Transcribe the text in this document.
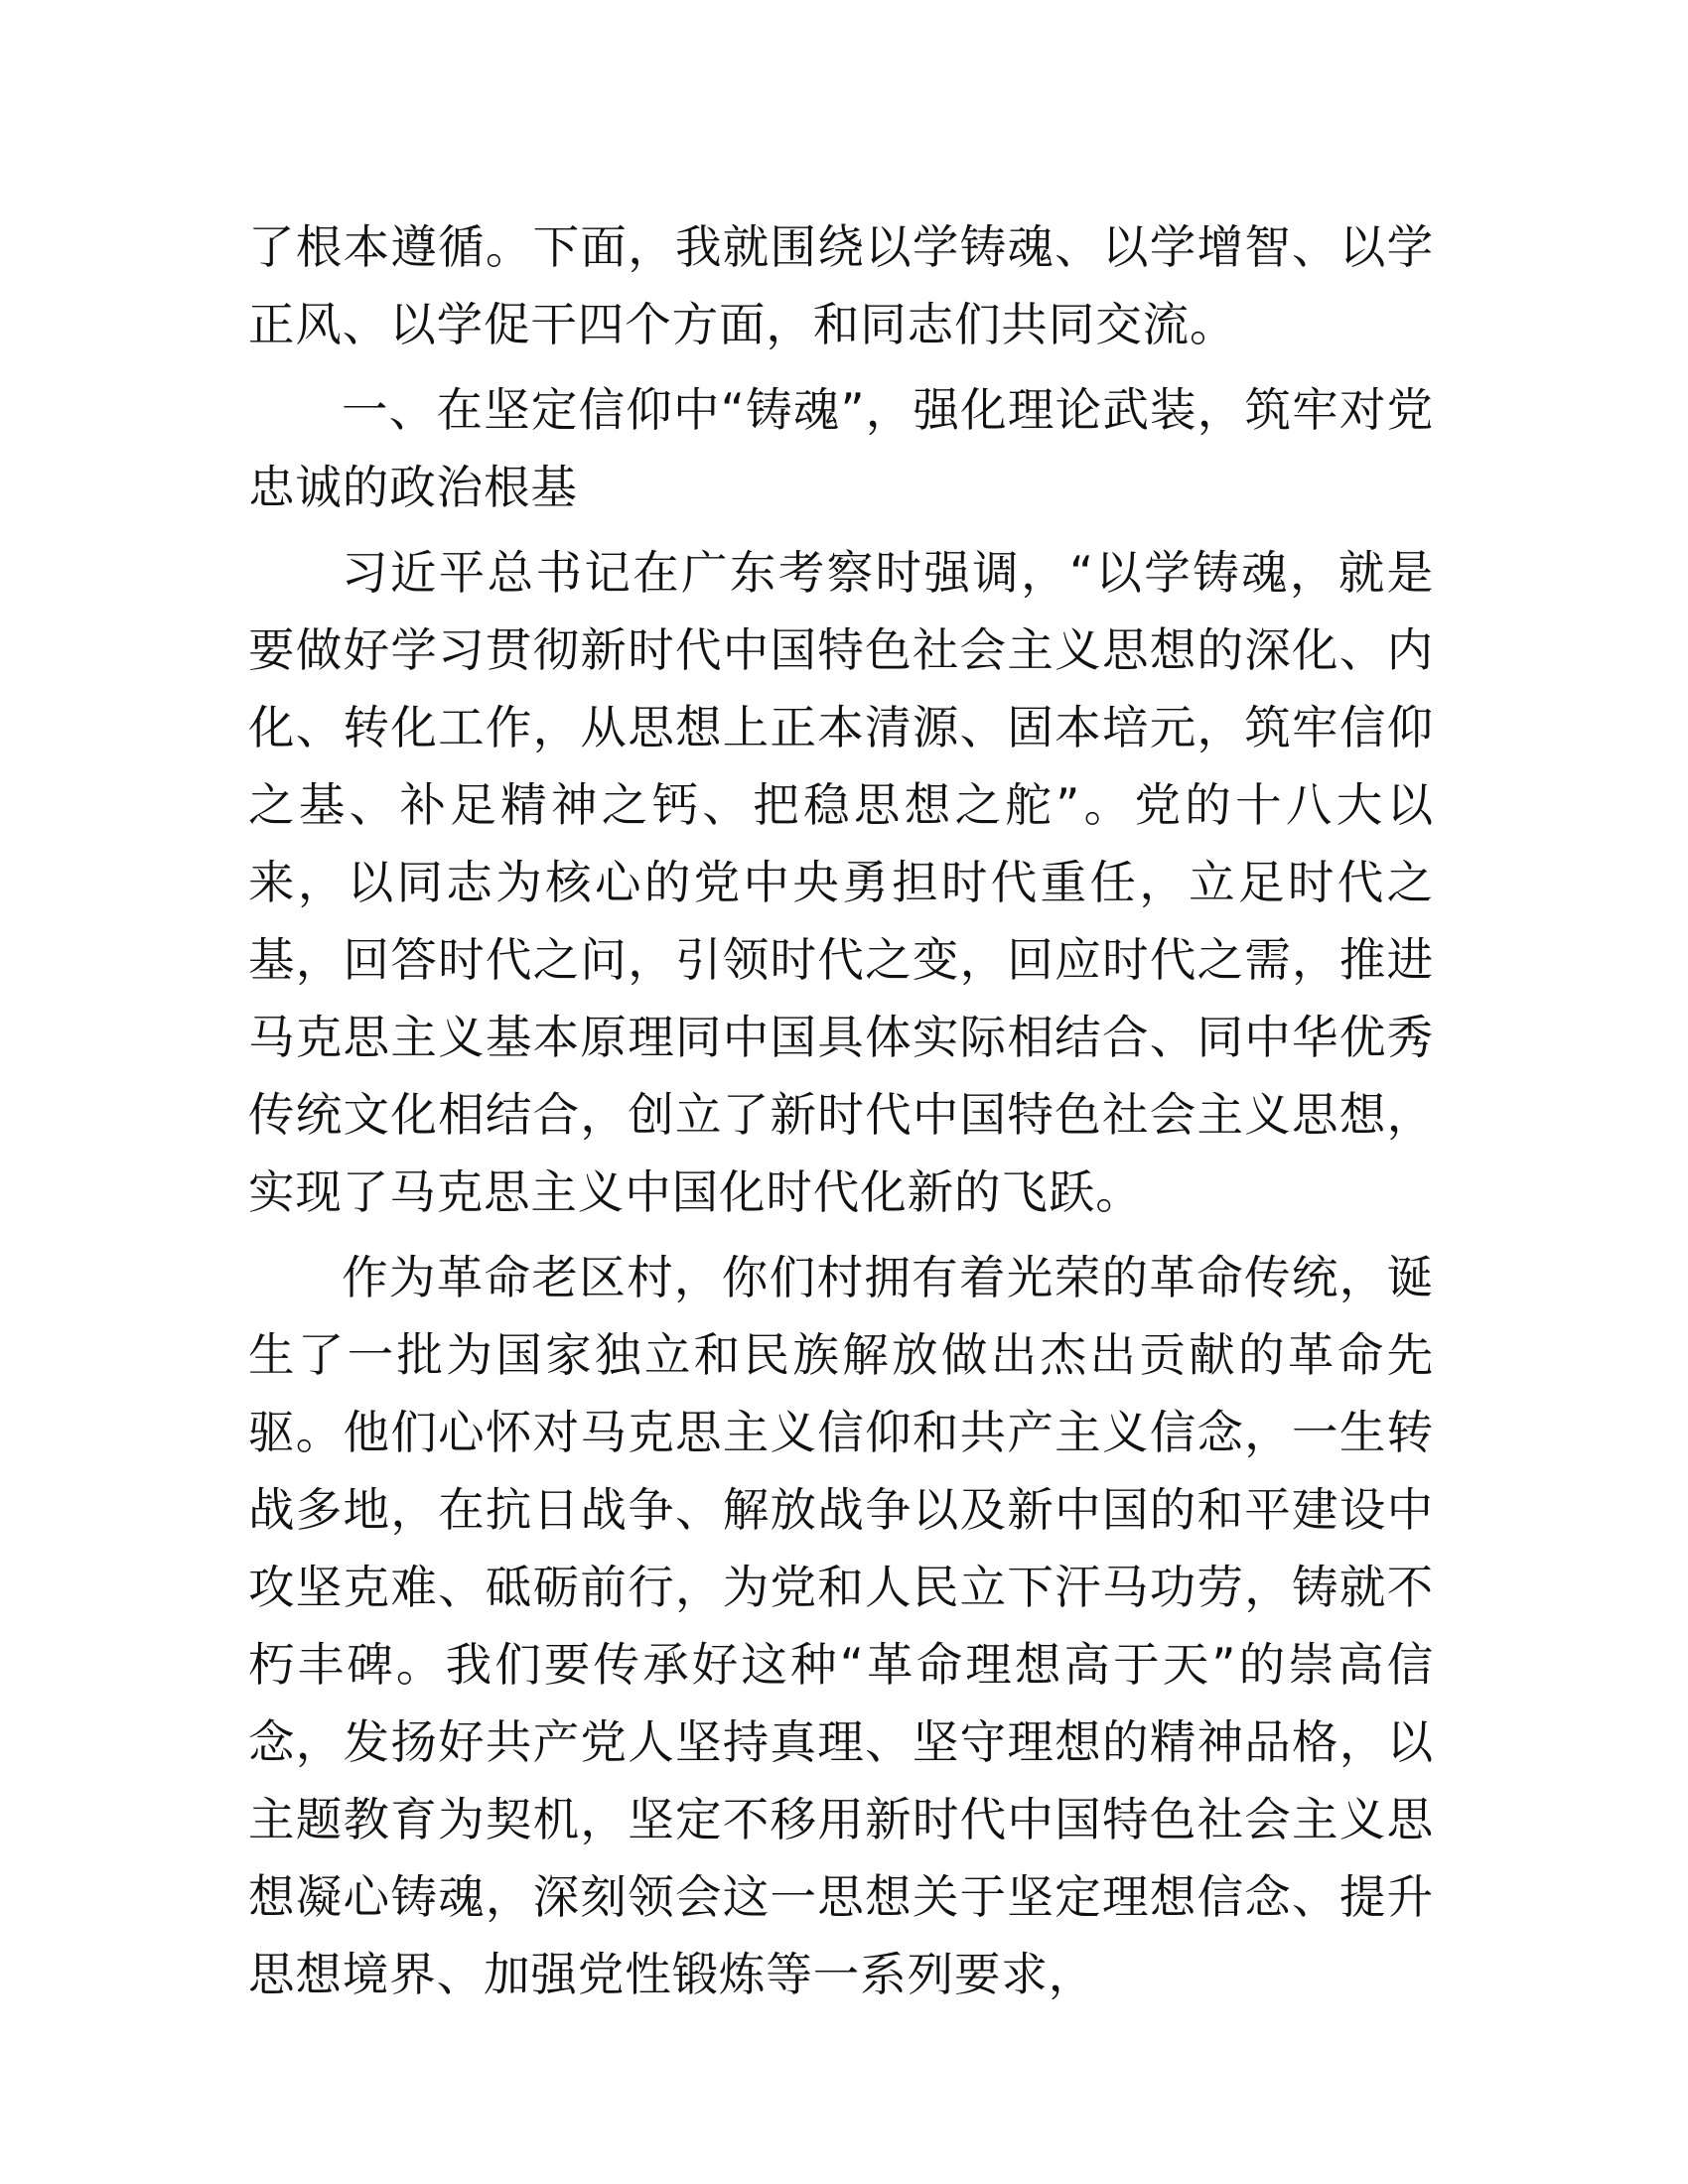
了根本遵循。下面，我就围绕以学铸魂、以学增智、以学正风、以学促干四个方面，和同志们共同交流。

一、在坚定信仰中“铸魂”，强化理论武装，筑牢对党忠诚的政治根基

习近平总书记在广东考察时强调，“以学铸魂，就是要做好学习贯彻新时代中国特色社会主义思想的深化、内化、转化工作，从思想上正本清源、固本培元，筑牢信仰之基、补足精神之钙、把稳思想之舵”。党的十八大以来，以同志为核心的党中央勇担时代重任，立足时代之基，回答时代之问，引领时代之变，回应时代之需，推进马克思主义基本原理同中国具体实际相结合、同中华优秀传统文化相结合，创立了新时代中国特色社会主义思想，实现了马克思主义中国化时代化新的飞跃。

作为革命老区村，你们村拥有着光荣的革命传统，诞生了一批为国家独立和民族解放做出杰出贡献的革命先驱。他们心怀对马克思主义信仰和共产主义信念，一生转战多地，在抗日战争、解放战争以及新中国的和平建设中攻坚克难、砥砺前行，为党和人民立下汗马功劳，铸就不朽丰碑。我们要传承好这种“革命理想高于天”的崇高信念，发扬好共产党人坚持真理、坚守理想的精神品格，以主题教育为契机，坚定不移用新时代中国特色社会主义思想凝心铸魂，深刻领会这一思想关于坚定理想信念、提升思想境界、加强党性锻炼等一系列要求，
